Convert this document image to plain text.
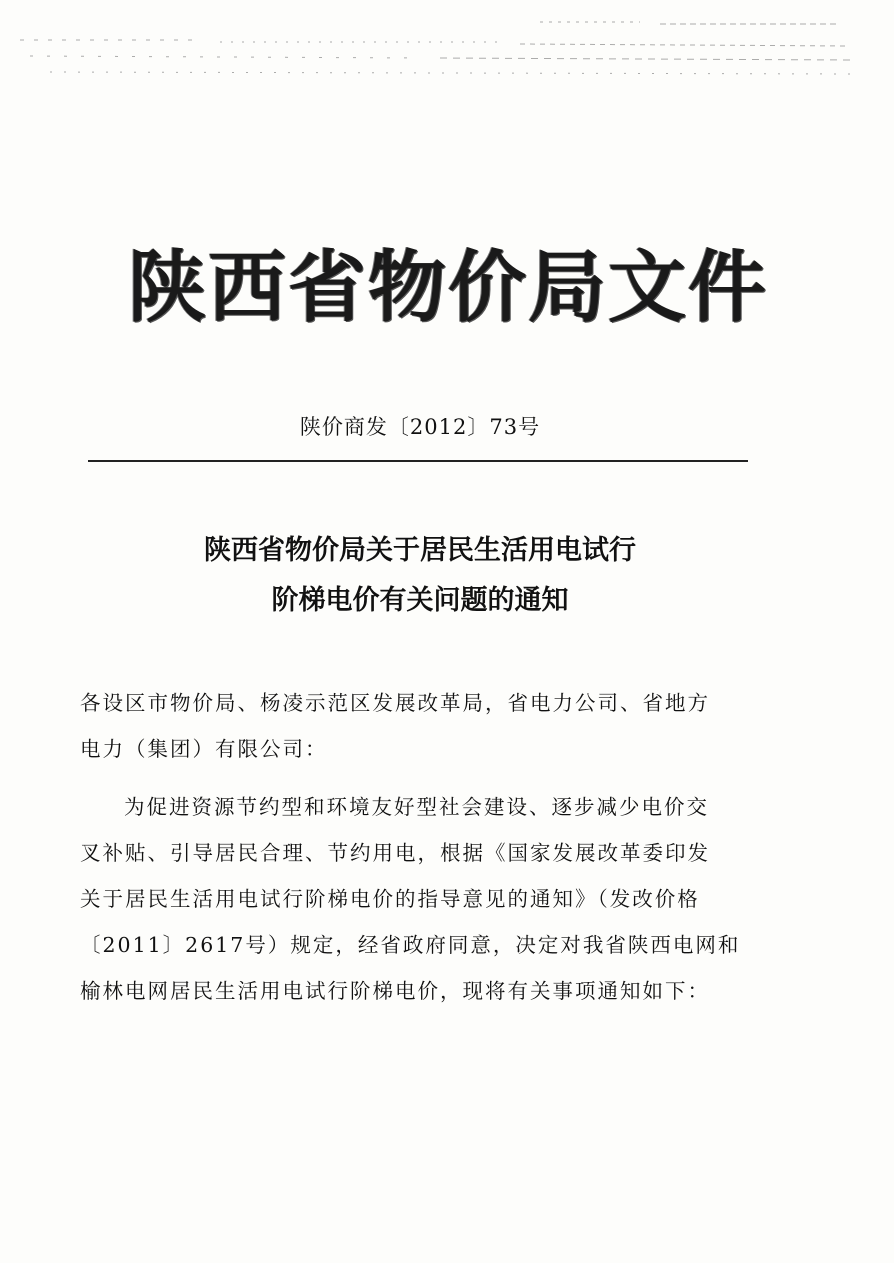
陕西省物价局文件
陕价商发〔2012〕73号
陕西省物价局关于居民生活用电试行
阶梯电价有关问题的通知

各设区市物价局、杨凌示范区发展改革局，省电力公司、省地方
电力（集团）有限公司：

为促进资源节约型和环境友好型社会建设、逐步减少电价交
叉补贴、引导居民合理、节约用电，根据《国家发展改革委印发
关于居民生活用电试行阶梯电价的指导意见的通知》（发改价格
〔2011〕2617号）规定，经省政府同意，决定对我省陕西电网和
榆林电网居民生活用电试行阶梯电价，现将有关事项通知如下：
